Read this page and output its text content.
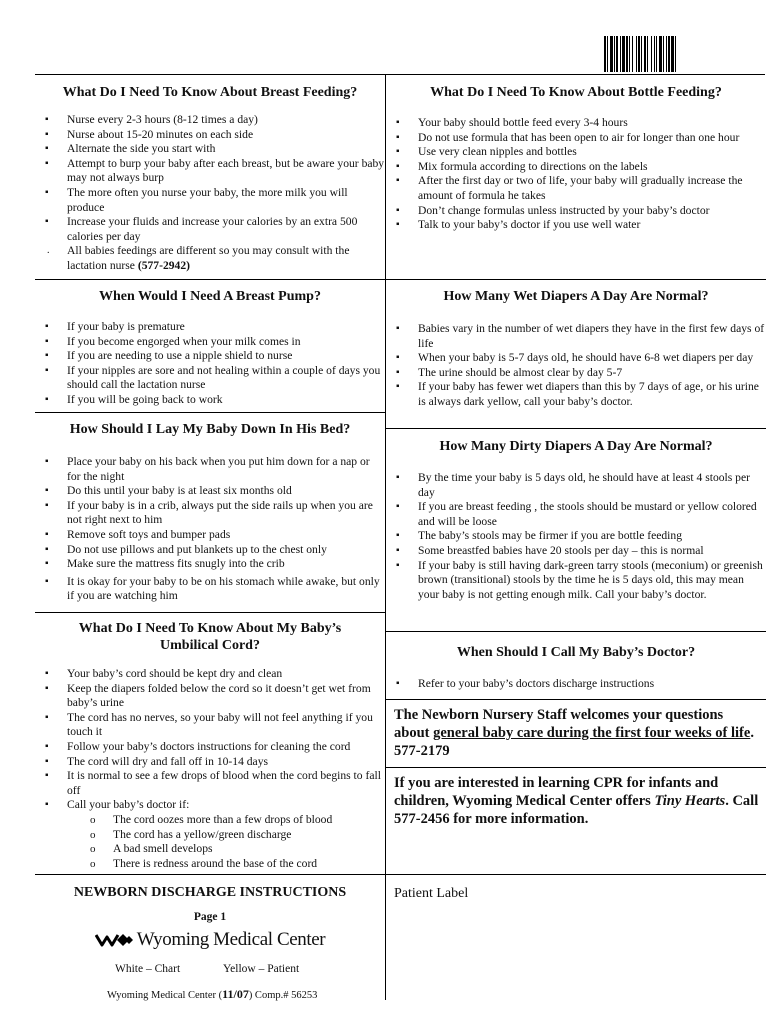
What Do I Need To Know About Breast Feeding?
▪ Nurse every 2-3 hours (8-12 times a day)
▪ Nurse about 15-20 minutes on each side
▪ Alternate the side you start with
▪ Attempt to burp your baby after each breast, but be aware your baby may not always burp
▪ The more often you nurse your baby, the more milk you will produce
▪ Increase your fluids and increase your calories by an extra 500 calories per day
. All babies feedings are different so you may consult with the lactation nurse (577-2942)
When Would I Need A Breast Pump?
▪ If your baby is premature
▪ If you become engorged when your milk comes in
▪ If you are needing to use a nipple shield to nurse
▪ If your nipples are sore and not healing within a couple of days you should call the lactation nurse
▪ If you will be going back to work
How Should I Lay My Baby Down In His Bed?
▪ Place your baby on his back when you put him down for a nap or for the night
▪ Do this until your baby is at least six months old
▪ If your baby is in a crib, always put the side rails up when you are not right next to him
▪ Remove soft toys and bumper pads
▪ Do not use pillows and put blankets up to the chest only
▪ Make sure the mattress fits snugly into the crib
▪ It is okay for your baby to be on his stomach while awake, but only if you are watching him
What Do I Need To Know About My Baby’s
Umbilical Cord?
▪ Your baby’s cord should be kept dry and clean
▪ Keep the diapers folded below the cord so it doesn’t get wet from baby’s urine
▪ The cord has no nerves, so your baby will not feel anything if you touch it
▪ Follow your baby’s doctors instructions for cleaning the cord
▪ The cord will dry and fall off in 10-14 days
▪ It is normal to see a few drops of blood when the cord begins to fall off
▪ Call your baby’s doctor if:
o The cord oozes more than a few drops of blood
o The cord has a yellow/green discharge
o A bad smell develops
o There is redness around the base of the cord
NEWBORN DISCHARGE INSTRUCTIONS
Page 1
Wyoming Medical Center
White – Chart	Yellow – Patient
Wyoming Medical Center (11/07) Comp.# 56253
What Do I Need To Know About Bottle Feeding?
▪ Your baby should bottle feed every 3-4 hours
▪ Do not use formula that has been open to air for longer than one hour
▪ Use very clean nipples and bottles
▪ Mix formula according to directions on the labels
▪ After the first day or two of life, your baby will gradually increase the amount of formula he takes
▪ Don’t change formulas unless instructed by your baby’s doctor
▪ Talk to your baby’s doctor if you use well water
How Many Wet Diapers A Day Are Normal?
▪ Babies vary in the number of wet diapers they have in the first few days of life
▪ When your baby is 5-7 days old, he should have 6-8 wet diapers per day
▪ The urine should be almost clear by day 5-7
▪ If your baby has fewer wet diapers than this by 7 days of age, or his urine is always dark yellow, call your baby’s doctor.
How Many Dirty Diapers A Day Are Normal?
▪ By the time your baby is 5 days old, he should have at least 4 stools per day
▪ If you are breast feeding , the stools should be mustard or yellow colored and will be loose
▪ The baby’s stools may be firmer if you are bottle feeding
▪ Some breastfed babies have 20 stools per day – this is normal
▪ If your baby is still having dark-green tarry stools (meconium) or greenish brown (transitional) stools by the time he is 5 days old, this may mean your baby is not getting enough milk. Call your baby’s doctor.
When Should I Call My Baby’s Doctor?
▪ Refer to your baby’s doctors discharge instructions
The Newborn Nursery Staff welcomes your questions about general baby care during the first four weeks of life. 577-2179
If you are interested in learning CPR for infants and children, Wyoming Medical Center offers Tiny Hearts. Call 577-2456 for more information.
Patient Label
